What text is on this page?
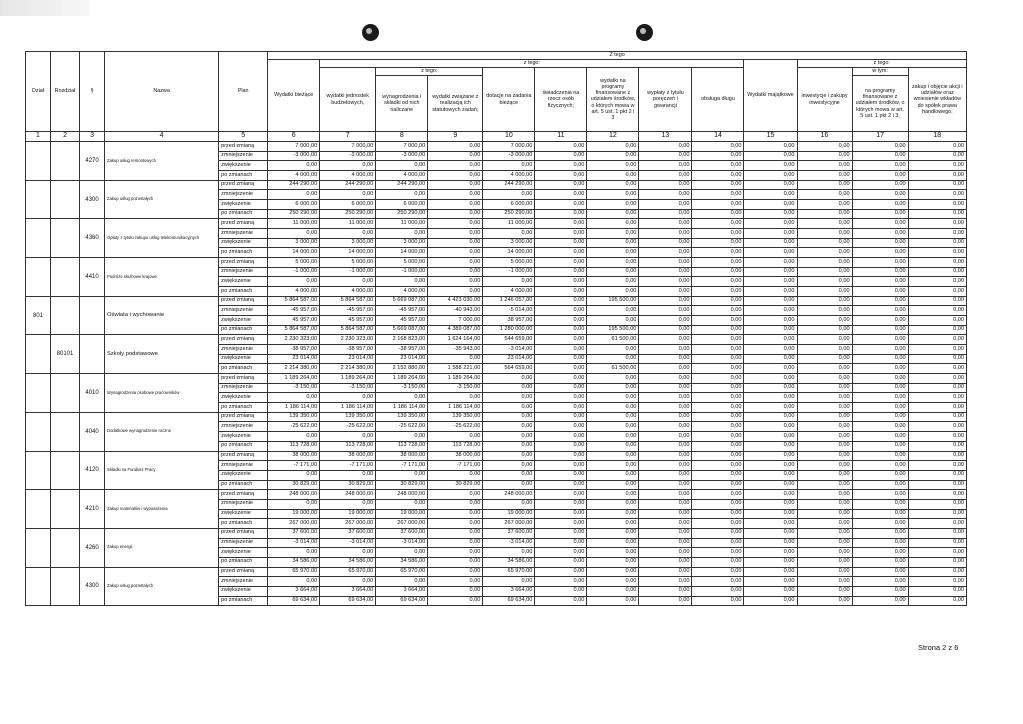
Dział	Rozdział	§	Nazwa	Plan	Z tego												
					Wydatki bieżące	z tego:								Wydatki majątkowe	z tego:		
						wydatki jednostek budżetowych,	z tego:		dotacje na zadania bieżące	świadczenia na rzecz osób fizycznych;	wydatki na programy finansowane z udziałem środków, o których mowa w art. 5 ust. 1 pkt 2 i 3	wypłaty z tytułu poręczeń i gwarancji	obsługa długu		inwestycje i zakupy inwestycyjne	w tym:	zakup i objęcie akcji i udziałów oraz wniesienie wkładów do spółek prawa handlowego.
							wynagrodzenia i składki od nich naliczane	wydatki związane z realizacją ich statutowych zadań;								na programy finansowane z udziałem środków, o których mowa w art. 5 ust. 1 pkt 2 i 3,	

1	2	3	4	5	6	7	8	9	10	11	12	13	14	15	16	17	18
		4270	Zakup usług remontowych	przed zmianą	7 000,00	7 000,00	7 000,00	0,00	7 000,00	0,00	0,00	0,00	0,00	0,00	0,00	0,00	0,00
				zmniejszenie	-3 000,00	-3 000,00	-3 000,00	0,00	-3 000,00	0,00	0,00	0,00	0,00	0,00	0,00	0,00	0,00
				zwiększenie	0,00	0,00	0,00	0,00	0,00	0,00	0,00	0,00	0,00	0,00	0,00	0,00	0,00
				po zmianach	4 000,00	4 000,00	4 000,00	0,00	4 000,00	0,00	0,00	0,00	0,00	0,00	0,00	0,00	0,00
		4300	Zakup usług pozostałych	przed zmianą	244 290,00	244 290,00	244 290,00	0,00	244 290,00	0,00	0,00	0,00	0,00	0,00	0,00	0,00	0,00
				zmniejszenie	0,00	0,00	0,00	0,00	0,00	0,00	0,00	0,00	0,00	0,00	0,00	0,00	0,00
				zwiększenie	6 000,00	6 000,00	6 000,00	0,00	6 000,00	0,00	0,00	0,00	0,00	0,00	0,00	0,00	0,00
				po zmianach	250 290,00	250 290,00	250 290,00	0,00	250 290,00	0,00	0,00	0,00	0,00	0,00	0,00	0,00	0,00
		4360	Opłaty z tytułu zakupu usług telekomunikacyjnych	przed zmianą	11 000,00	11 000,00	11 000,00	0,00	11 000,00	0,00	0,00	0,00	0,00	0,00	0,00	0,00	0,00
				zmniejszenie	0,00	0,00	0,00	0,00	0,00	0,00	0,00	0,00	0,00	0,00	0,00	0,00	0,00
				zwiększenie	3 000,00	3 000,00	3 000,00	0,00	3 000,00	0,00	0,00	0,00	0,00	0,00	0,00	0,00	0,00
				po zmianach	14 000,00	14 000,00	14 000,00	0,00	14 000,00	0,00	0,00	0,00	0,00	0,00	0,00	0,00	0,00
		4410	Podróże służbowe krajowe	przed zmianą	5 000,00	5 000,00	5 000,00	0,00	5 000,00	0,00	0,00	0,00	0,00	0,00	0,00	0,00	0,00
				zmniejszenie	-1 000,00	-1 000,00	-1 000,00	0,00	-1 000,00	0,00	0,00	0,00	0,00	0,00	0,00	0,00	0,00
				zwiększenie	0,00	0,00	0,00	0,00	0,00	0,00	0,00	0,00	0,00	0,00	0,00	0,00	0,00
				po zmianach	4 000,00	4 000,00	4 000,00	0,00	4 000,00	0,00	0,00	0,00	0,00	0,00	0,00	0,00	0,00
801			Oświata i wychowanie	przed zmianą	5 864 587,00	5 864 587,00	5 669 087,00	4 423 030,00	1 246 057,00	0,00	195 500,00	0,00	0,00	0,00	0,00	0,00	0,00
				zmniejszenie	-45 957,00	-45 957,00	-45 957,00	-40 943,00	-5 014,00	0,00	0,00	0,00	0,00	0,00	0,00	0,00	0,00
				zwiększenie	45 957,00	45 957,00	45 957,00	7 000,00	38 957,00	0,00	0,00	0,00	0,00	0,00	0,00	0,00	0,00
				po zmianach	5 864 587,00	5 864 587,00	5 669 087,00	4 389 087,00	1 280 000,00	0,00	195 500,00	0,00	0,00	0,00	0,00	0,00	0,00
	80101		Szkoły podstawowe	przed zmianą	2 230 323,00	2 230 323,00	2 168 823,00	1 624 164,00	544 659,00	0,00	61 500,00	0,00	0,00	0,00	0,00	0,00	0,00
				zmniejszenie	-38 957,00	-38 957,00	-38 957,00	-35 943,00	-3 014,00	0,00	0,00	0,00	0,00	0,00	0,00	0,00	0,00
				zwiększenie	23 014,00	23 014,00	23 014,00	0,00	23 014,00	0,00	0,00	0,00	0,00	0,00	0,00	0,00	0,00
				po zmianach	2 214 380,00	2 214 380,00	2 152 880,00	1 588 221,00	564 659,00	0,00	61 500,00	0,00	0,00	0,00	0,00	0,00	0,00
		4010	Wynagrodzenia osobowe pracowników	przed zmianą	1 189 264,00	1 189 264,00	1 189 264,00	1 189 264,00	0,00	0,00	0,00	0,00	0,00	0,00	0,00	0,00	0,00
				zmniejszenie	-3 150,00	-3 150,00	-3 150,00	-3 150,00	0,00	0,00	0,00	0,00	0,00	0,00	0,00	0,00	0,00
				zwiększenie	0,00	0,00	0,00	0,00	0,00	0,00	0,00	0,00	0,00	0,00	0,00	0,00	0,00
				po zmianach	1 186 114,00	1 186 114,00	1 186 114,00	1 186 114,00	0,00	0,00	0,00	0,00	0,00	0,00	0,00	0,00	0,00
		4040	Dodatkowe wynagrodzenie roczne	przed zmianą	139 350,00	139 350,00	139 350,00	139 350,00	0,00	0,00	0,00	0,00	0,00	0,00	0,00	0,00	0,00
				zmniejszenie	-25 622,00	-25 622,00	-25 622,00	-25 622,00	0,00	0,00	0,00	0,00	0,00	0,00	0,00	0,00	0,00
				zwiększenie	0,00	0,00	0,00	0,00	0,00	0,00	0,00	0,00	0,00	0,00	0,00	0,00	0,00
				po zmianach	113 728,00	113 728,00	113 728,00	113 728,00	0,00	0,00	0,00	0,00	0,00	0,00	0,00	0,00	0,00
		4120	Składki na Fundusz Pracy	przed zmianą	38 000,00	38 000,00	38 000,00	38 000,00	0,00	0,00	0,00	0,00	0,00	0,00	0,00	0,00	0,00
				zmniejszenie	-7 171,00	-7 171,00	-7 171,00	-7 171,00	0,00	0,00	0,00	0,00	0,00	0,00	0,00	0,00	0,00
				zwiększenie	0,00	0,00	0,00	0,00	0,00	0,00	0,00	0,00	0,00	0,00	0,00	0,00	0,00
				po zmianach	30 829,00	30 829,00	30 829,00	30 829,00	0,00	0,00	0,00	0,00	0,00	0,00	0,00	0,00	0,00
		4210	Zakup materiałów i wyposażenia	przed zmianą	248 000,00	248 000,00	248 000,00	0,00	248 000,00	0,00	0,00	0,00	0,00	0,00	0,00	0,00	0,00
				zmniejszenie	0,00	0,00	0,00	0,00	0,00	0,00	0,00	0,00	0,00	0,00	0,00	0,00	0,00
				zwiększenie	19 000,00	19 000,00	19 000,00	0,00	19 000,00	0,00	0,00	0,00	0,00	0,00	0,00	0,00	0,00
				po zmianach	267 000,00	267 000,00	267 000,00	0,00	267 000,00	0,00	0,00	0,00	0,00	0,00	0,00	0,00	0,00
		4260	Zakup energii	przed zmianą	37 600,00	37 600,00	37 600,00	0,00	37 600,00	0,00	0,00	0,00	0,00	0,00	0,00	0,00	0,00
				zmniejszenie	-3 014,00	-3 014,00	-3 014,00	0,00	-3 014,00	0,00	0,00	0,00	0,00	0,00	0,00	0,00	0,00
				zwiększenie	0,00	0,00	0,00	0,00	0,00	0,00	0,00	0,00	0,00	0,00	0,00	0,00	0,00
				po zmianach	34 586,00	34 586,00	34 586,00	0,00	34 586,00	0,00	0,00	0,00	0,00	0,00	0,00	0,00	0,00
		4300	Zakup usług pozostałych	przed zmianą	65 970,00	65 970,00	65 970,00	0,00	65 970,00	0,00	0,00	0,00	0,00	0,00	0,00	0,00	0,00
				zmniejszenie	0,00	0,00	0,00	0,00	0,00	0,00	0,00	0,00	0,00	0,00	0,00	0,00	0,00
				zwiększenie	3 664,00	3 664,00	3 664,00	0,00	3 664,00	0,00	0,00	0,00	0,00	0,00	0,00	0,00	0,00
				po zmianach	69 634,00	69 634,00	69 634,00	0,00	69 634,00	0,00	0,00	0,00	0,00	0,00	0,00	0,00	0,00
Strona 2 z 6
